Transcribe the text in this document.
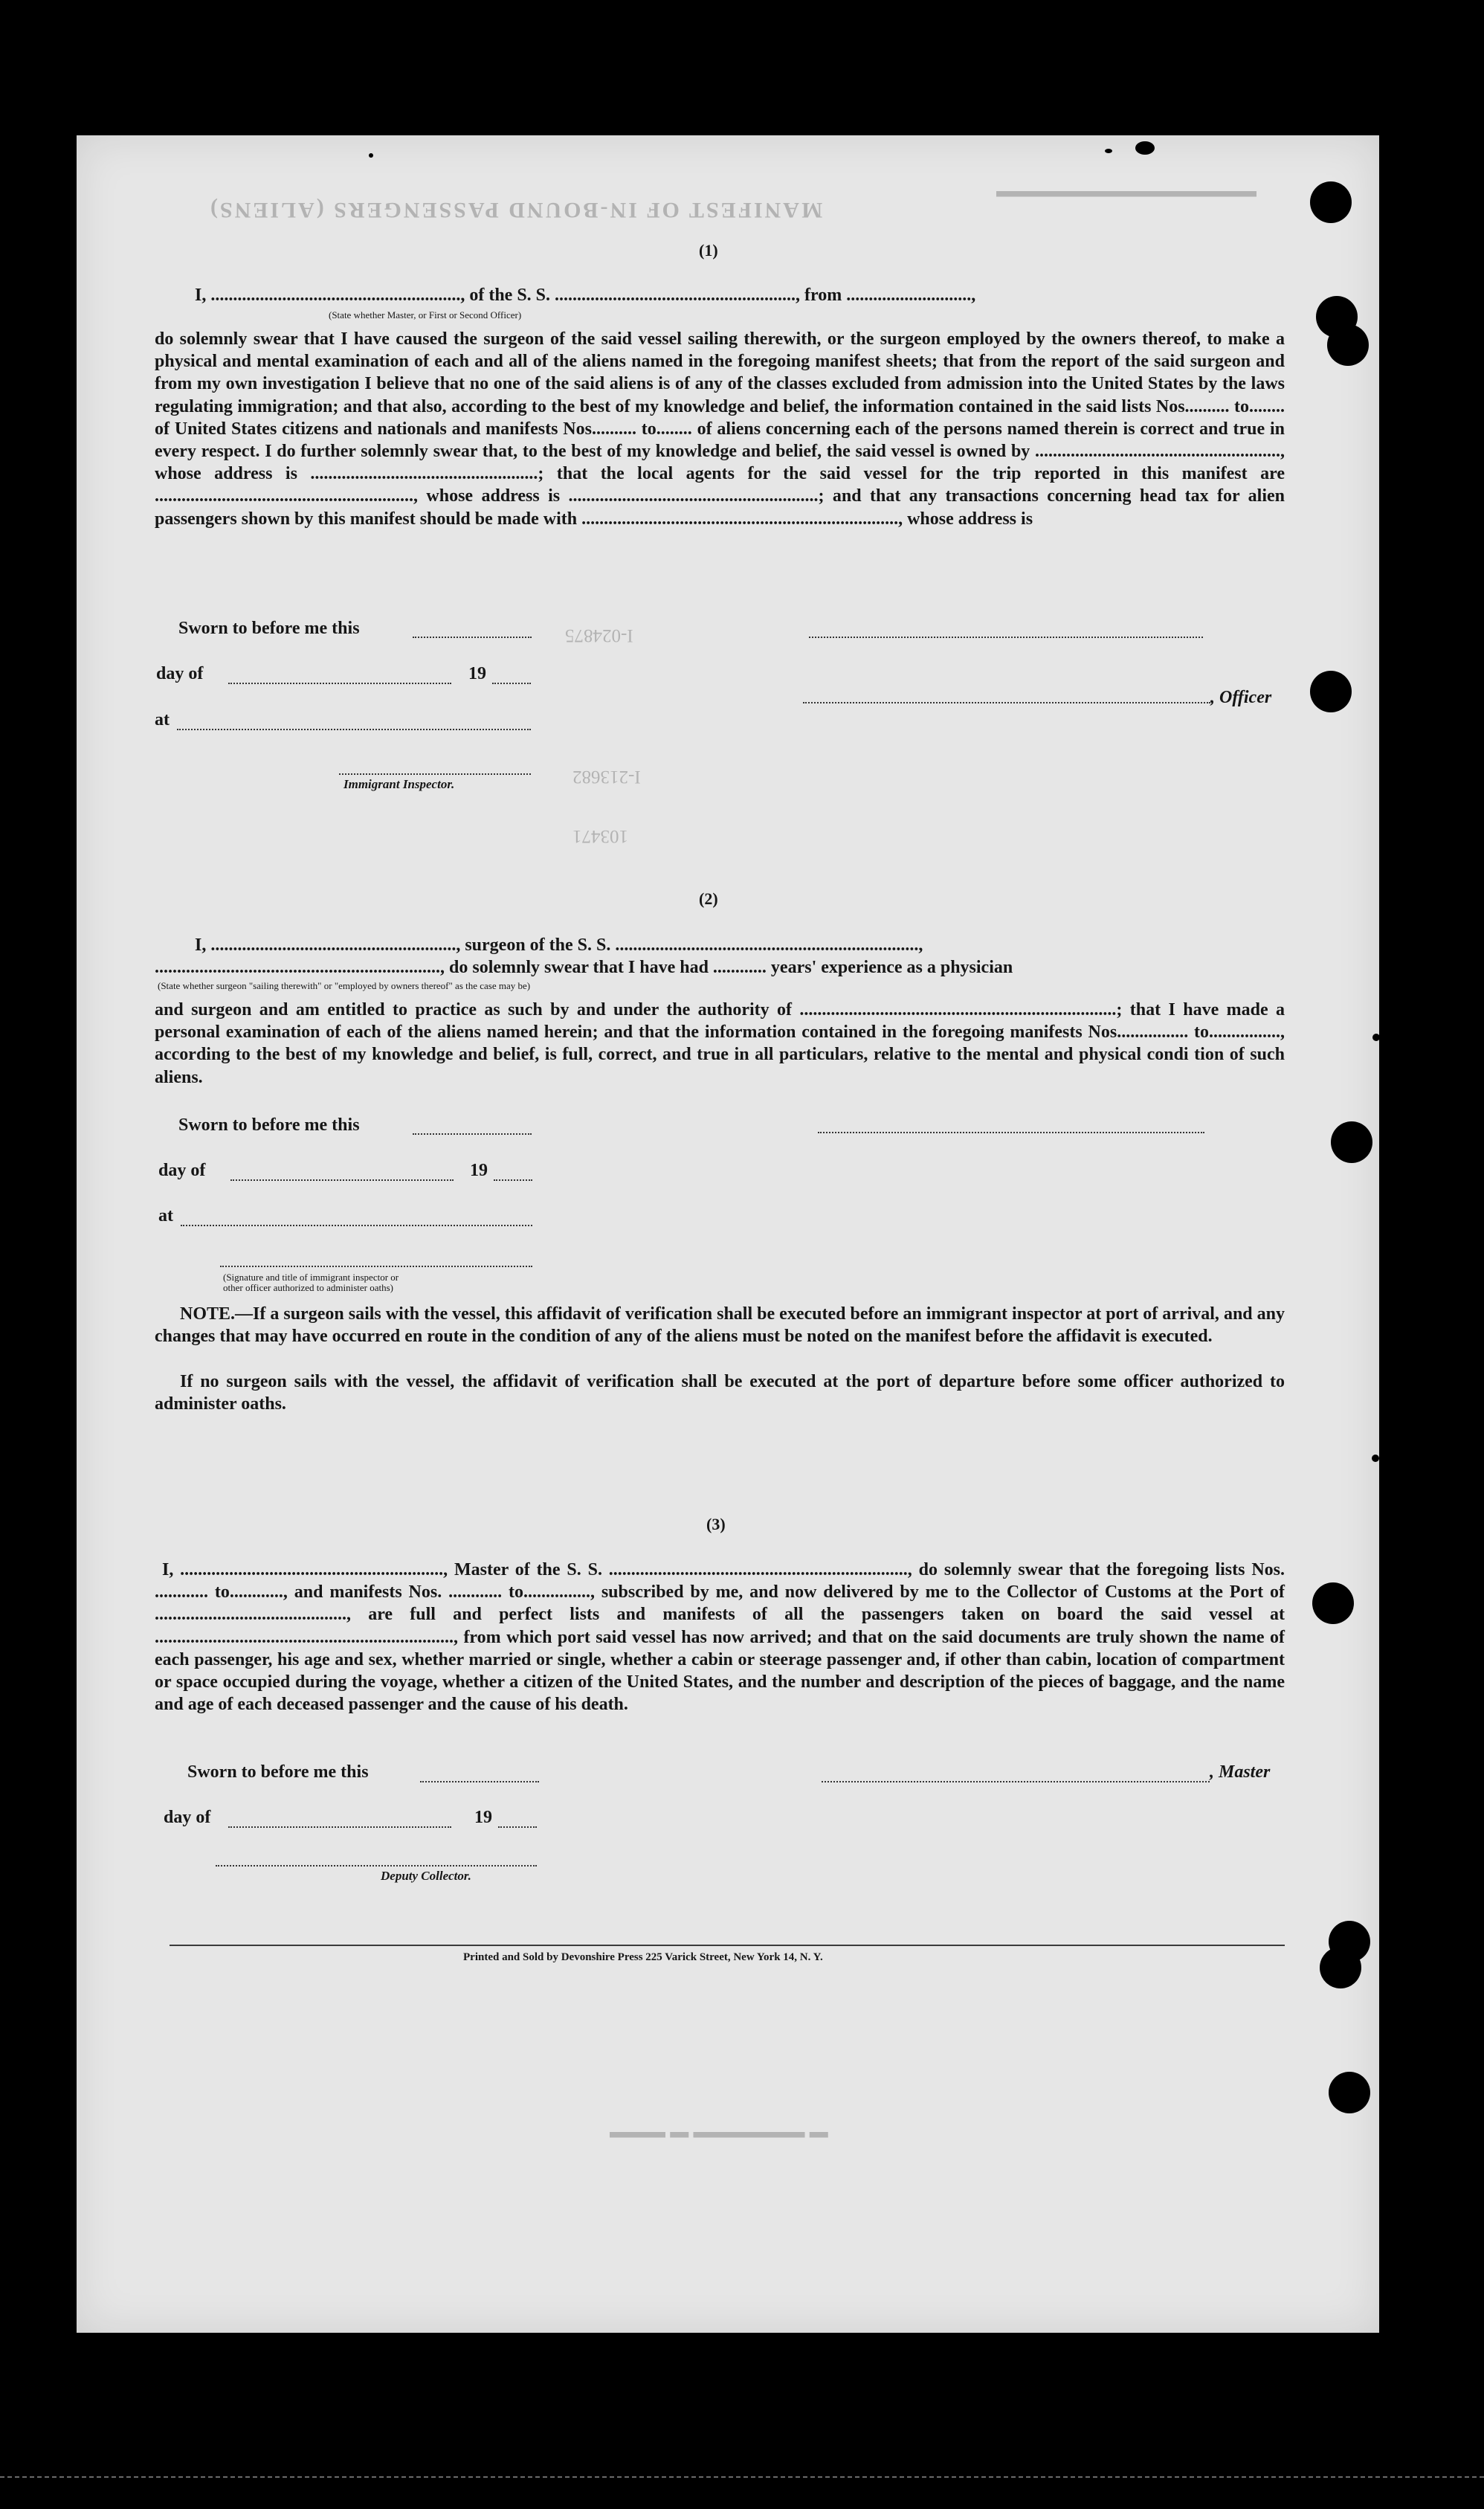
MANIFEST OF IN-BOUND PASSENGERS (ALIENS)
▬▬▬▬▬▬▬▬▬▬▬▬▬▬
I-024875
I-213682
103471
▬ ▬▬▬▬▬▬ ▬ ▬▬▬
(1)
I, ........................................................, of the S. S. ......................................................, from ............................,
(State whether Master, or First or Second Officer)
do solemnly swear that I have caused the surgeon of the said vessel sailing therewith, or the surgeon employed by the owners thereof, to make a physical and mental examination of each and all of the aliens named in the foregoing manifest sheets; that from the report of the said surgeon and from my own investigation I believe that no one of the said aliens is of any of the classes excluded from admission into the United States by the laws regulating immigration; and that also, according to the best of my knowledge and belief, the information contained in the said lists Nos.......... to........ of United States citizens and nationals and manifests Nos.......... to........ of aliens concerning each of the persons named therein is correct and true in every respect. I do further solemnly swear that, to the best of my knowledge and belief, the said vessel is owned by ......................................................., whose address is ...................................................; that the local agents for the said vessel for the trip reported in this manifest are .........................................................., whose address is ........................................................; and that any transactions concerning head tax for alien passengers shown by this manifest should be made with ......................................................................., whose address is
Sworn to before me this
day of	19
, Officer
at
Immigrant Inspector.
(2)
I, ......................................................., surgeon of the S. S. ....................................................................,
................................................................, do solemnly swear that I have had ............ years' experience as a physician
(State whether surgeon "sailing therewith" or "employed by owners thereof" as the case may be)
and surgeon and am entitled to practice as such by and under the authority of .......................................................................; that I have made a personal examination of each of the aliens named herein; and that the information contained in the foregoing manifests Nos................ to................, according to the best of my knowledge and belief, is full, correct, and true in all particulars, relative to the mental and physical condi tion of such aliens.
Sworn to before me this
day of	19
at
(Signature and title of immigrant inspector or
other officer authorized to administer oaths)
NOTE.—If a surgeon sails with the vessel, this affidavit of verification shall be executed before an immigrant inspector at port of arrival, and any changes that may have occurred en route in the condition of any of the aliens must be noted on the manifest before the affidavit is executed.
If no surgeon sails with the vessel, the affidavit of verification shall be executed at the port of departure before some officer authorized to administer oaths.
(3)
I, ..........................................................., Master of the S. S. ..................................................................., do solemnly swear that the foregoing lists Nos. ............ to............, and manifests Nos. ............ to..............., subscribed by me, and now delivered by me to the Collector of Customs at the Port of ..........................................., are full and perfect lists and manifests of all the passengers taken on board the said vessel at ..................................................................., from which port said vessel has now arrived; and that on the said documents are truly shown the name of each passenger, his age and sex, whether married or single, whether a cabin or steerage passenger and, if other than cabin, location of compartment or space occupied during the voyage, whether a citizen of the United States, and the number and description of the pieces of baggage, and the name and age of each deceased passenger and the cause of his death.
Sworn to before me this	, Master
day of	19
Deputy Collector.
Printed and Sold by Devonshire Press 225 Varick Street, New York 14, N. Y.
